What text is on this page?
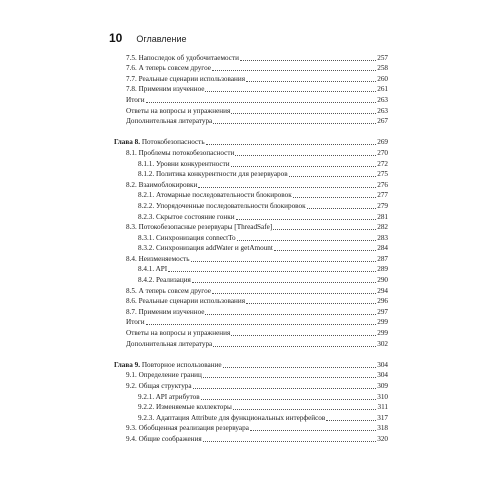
10 Оглавление
7.5. Напоследок об удобочитаемости	257
7.6. А теперь совсем другое	258
7.7. Реальные сценарии использования	260
7.8. Применим изученное	261
Итоги	263
Ответы на вопросы и упражнения	263
Дополнительная литература	267
Глава 8. Потокобезопасность	269
8.1. Проблемы потокобезопасности	270
8.1.1. Уровни конкурентности	272
8.1.2. Политика конкурентности для резервуаров	275
8.2. Взаимоблокировки	276
8.2.1. Атомарные последовательности блокировок	277
8.2.2. Упорядоченные последовательности блокировок	279
8.2.3. Скрытое состояние гонки	281
8.3. Потокобезопасные резервуары [ThreadSafe]	282
8.3.1. Синхронизация connectTo	283
8.3.2. Синхронизация addWater и getAmount	284
8.4. Неизменяемость	287
8.4.1. API	289
8.4.2. Реализация	290
8.5. А теперь совсем другое	294
8.6. Реальные сценарии использования	296
8.7. Применим изученное	297
Итоги	299
Ответы на вопросы и упражнения	299
Дополнительная литература	302
Глава 9. Повторное использование	304
9.1. Определение границ	304
9.2. Общая структура	309
9.2.1. API атрибутов	310
9.2.2. Изменяемые коллекторы	311
9.2.3. Адаптация Attribute для функциональных интерфейсов	317
9.3. Обобщенная реализация резервуара	318
9.4. Общие соображения	320
